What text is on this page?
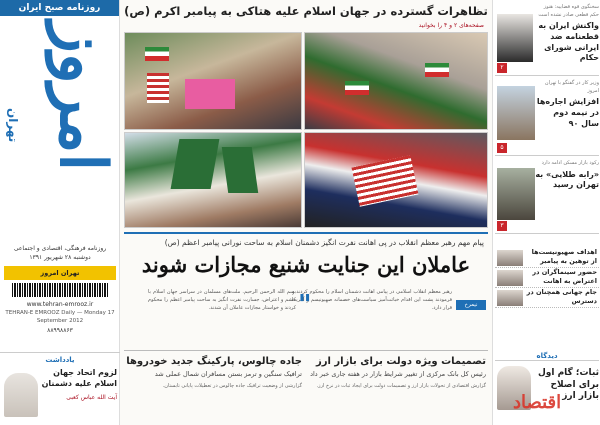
روزنامه صبح ایران
امروز
تهران
روزنامه فرهنگی، اقتصادی و اجتماعی
دوشنبه ۲۸ شهریور ۱۳۹۱
تهران امروز
www.tehran-emrooz.ir
TEHRAN-E EMROOZ Daily — Monday 17 September 2012
۸۸۹۹۸۸۶۳
یادداشت
لزوم اتحاد جهان اسلام علیه دشمنان
آیت الله عباس کعبی
تظاهرات گسترده در جهان اسلام علیه هتاکی به پیامبر اکرم (ص)
صفحه‌های ۲ و ۴ را بخوانید
پیام مهم رهبر معظم انقلاب در پی اهانت نفرت انگیز دشمنان اسلام به ساحت نورانی پیامبر اعظم (ص)
عاملان این جنایت شنیع مجازات شوند
رهبر معظم انقلاب اسلامی در پیامی اهانت دشمنان اسلام را محکوم کردند و فرمودند پشت این اقدام خباثت‌آمیز سیاست‌های خصمانه صهیونیسم و آمریکا قرار دارد.
"
بسم الله الرحمن الرحیم. ملت‌های مسلمان در سراسر جهان اسلام با خشم و اعتراض، جسارت نفرت انگیز به ساحت پیامبر اعظم را محکوم کردند و خواستار مجازات عاملان آن شدند.	نیمرخ
تصمیمات ویژه دولت برای بازار ارز
رئیس کل بانک مرکزی از تغییر شرایط بازار در هفته جاری خبر داد
گزارش اقتصادی از تحولات بازار ارز و تصمیمات دولت برای ایجاد ثبات در نرخ ارز.
جاده چالوس، پارکینگ جدید خودروها
ترافیک سنگین و ترمز بستن مسافران شمال عملی شد
گزارشی از وضعیت ترافیک جاده چالوس در تعطیلات پایانی تابستان.
سخنگوی قوه قضاییه: هنوز حکم قطعی صادر نشده است
واکنش ایران به قطعنامه ضد ایرانی شورای حکام
۲
وزیر کار در گفتگو با تهران امروز
افزایش اجاره‌ها در نیمه دوم سال ۹۰
۵
رکود بازار مسکن ادامه دارد
«رابه طلایی» به تهران رسید
۳
اهداف صهیونیست‌ها از توهین به پیامبر
حضور سینماگران در اعتراض به اهانت
جام جهانی همچنان در دسترس
دیدگاه
ثبات؛ گام اول برای اصلاح بازار ارز
اقتصاد
